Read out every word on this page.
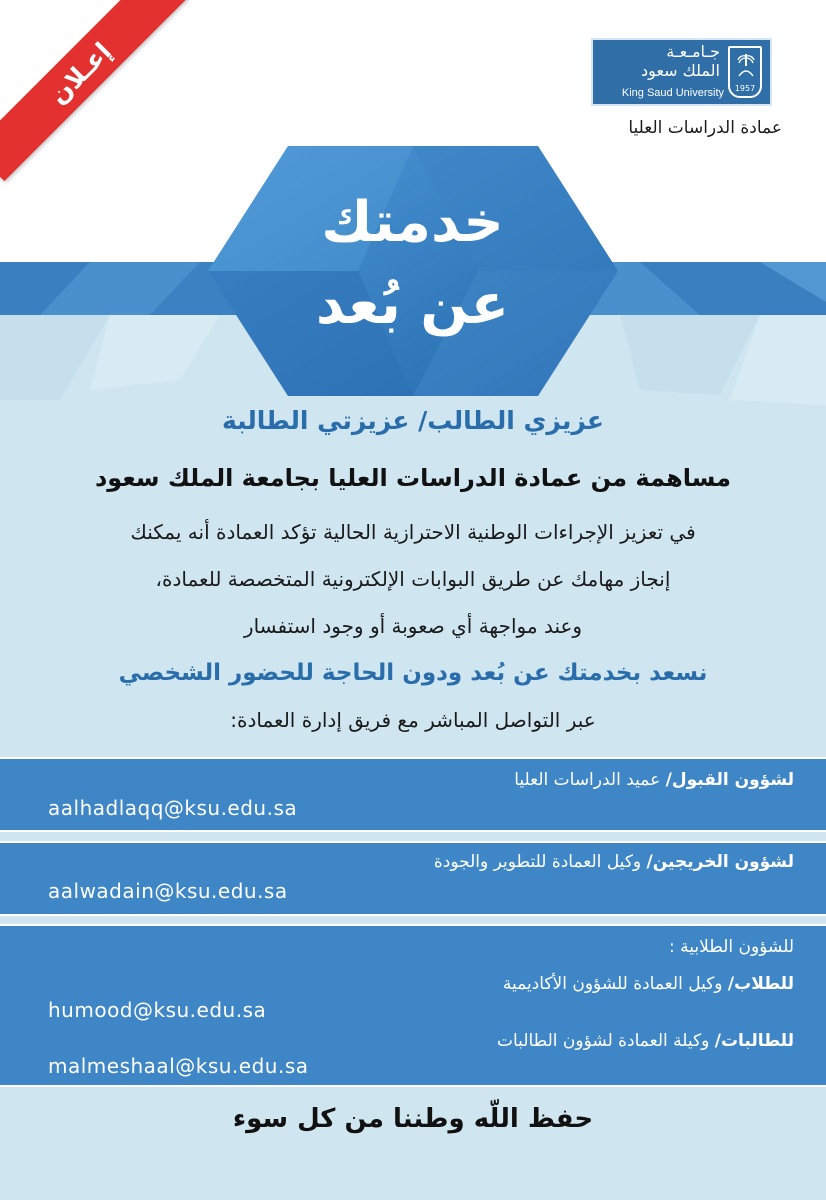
إعـلان	جـامـعـة
الملك سعود
King Saud University 1957
عمادة الدراسات العليا
خدمتك
عن بُعد
عزيزي الطالب/ عزيزتي الطالبة
مساهمة من عمادة الدراسات العليا بجامعة الملك سعود
في تعزيز الإجراءات الوطنية الاحترازية الحالية تؤكد العمادة أنه يمكنك
إنجاز مهامك عن طريق البوابات الإلكترونية المتخصصة للعمادة،
وعند مواجهة أي صعوبة أو وجود استفسار
نسعد بخدمتك عن بُعد ودون الحاجة للحضور الشخصي
عبر التواصل المباشر مع فريق إدارة العمادة:
لشؤون القبول/ عميد الدراسات العليا
aalhadlaqq@ksu.edu.sa
لشؤون الخريجين/ وكيل العمادة للتطوير والجودة
aalwadain@ksu.edu.sa
للشؤون الطلابية :
للطلاب/ وكيل العمادة للشؤون الأكاديمية
humood@ksu.edu.sa
للطالبات/ وكيلة العمادة لشؤون الطالبات
malmeshaal@ksu.edu.sa
حفظ اللّه وطننا من كل سوء
